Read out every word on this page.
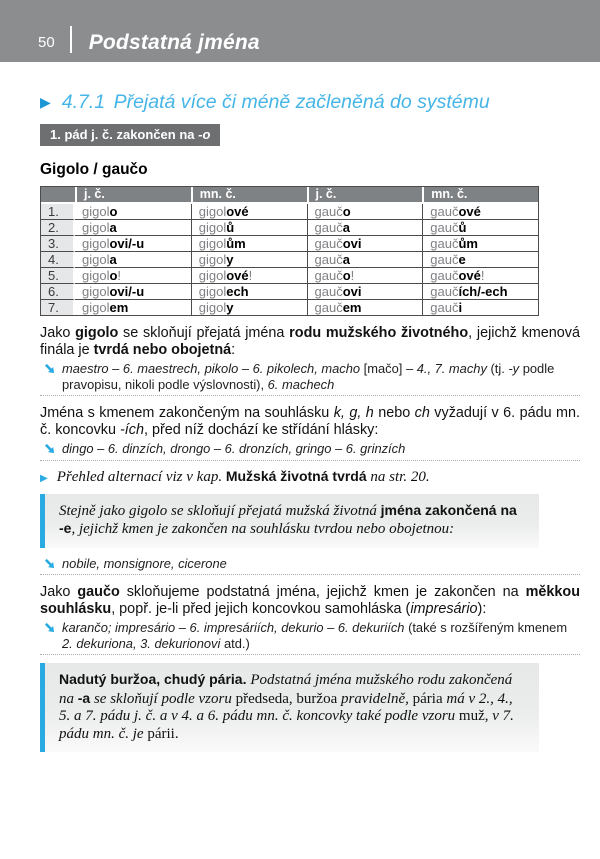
50 Podstatná jména
▶ 4.7.1 Přejatá více či méně začleněná do systému
1. pád j. č. zakončen na -o
Gigolo / gaučo
	j. č.	mn. č.	j. č.	mn. č.
1.	gigolo	gigolové	gaučo	gaučové
2.	gigola	gigolů	gauča	gaučů
3.	gigolovi/-u	gigolům	gaučovi	gaučům
4.	gigola	gigoly	gauča	gauče
5.	gigolo!	gigolové!	gaučo!	gaučové!
6.	gigolovi/-u	gigolech	gaučovi	gaučích/-ech
7.	gigolem	gigoly	gaučem	gauči

Jako gigolo se skloňují přejatá jména rodu mužského životného, jejichž kmenová finála je tvrdá nebo obojetná:

maestro – 6. maestrech, pikolo – 6. pikolech, macho [mačo] – 4., 7. machy (tj. -y podle pravopisu, nikoli podle výslovnosti), 6. machech

Jména s kmenem zakončeným na souhlásku k, g, h nebo ch vyžadují v 6. pádu mn. č. koncovku -ích, před níž dochází ke střídání hlásky:

dingo – 6. dinzích, drongo – 6. dronzích, gringo – 6. grinzích
▶ Přehled alternací viz v kap. Mužská životná tvrdá na str. 20.
Stejně jako gigolo se skloňují přejatá mužská životná jména zakončená na -e, jejichž kmen je zakončen na souhlásku tvrdou nebo obojetnou:
nobile, monsignore, cicerone

Jako gaučo skloňujeme podstatná jména, jejichž kmen je zakončen na měkkou souhlásku, popř. je-li před jejich koncovkou samohláska (impresário):

karančo; impresário – 6. impresáriích, dekurio – 6. dekuriích (také s rozšířeným kmenem 2. dekuriona, 3. dekurionovi atd.)
Nadutý buržoa, chudý pária. Podstatná jména mužského rodu zakončená na -a se skloňují podle vzoru předseda, buržoa pravidelně, pária má v 2., 4., 5. a 7. pádu j. č. a v 4. a 6. pádu mn. č. koncovky také podle vzoru muž, v 7. pádu mn. č. je párii.
